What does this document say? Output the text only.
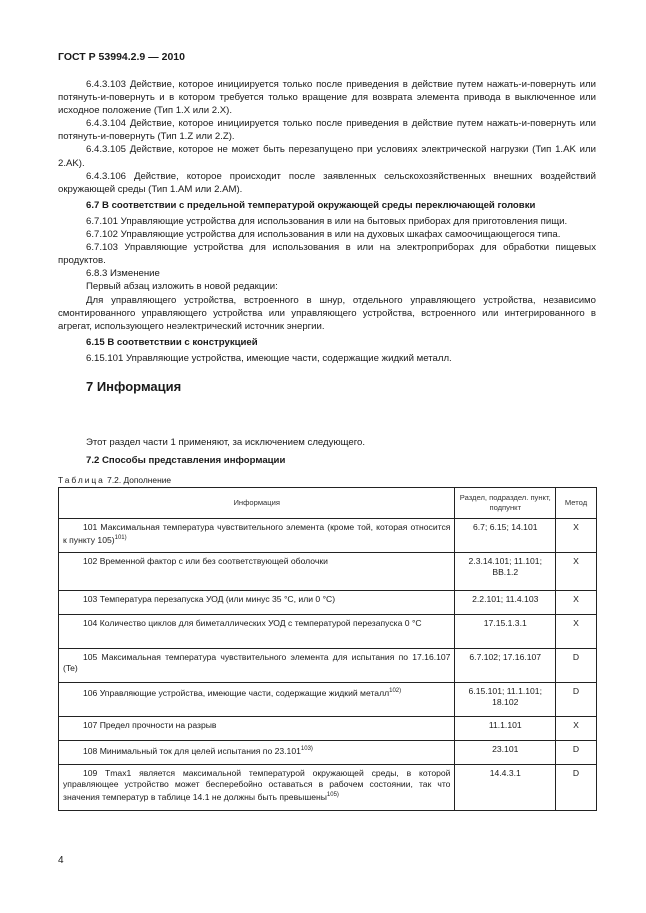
ГОСТ Р 53994.2.9 — 2010

6.4.3.103 Действие, которое инициируется только после приведения в действие путем нажать-и-повернуть или потянуть-и-повернуть и в котором требуется только вращение для возврата элемента привода в выключенное или исходное положение (Тип 1.X или 2.X).

6.4.3.104 Действие, которое инициируется только после приведения в действие путем нажать-и-повернуть или потянуть-и-повернуть (Тип 1.Z или 2.Z).

6.4.3.105 Действие, которое не может быть перезапущено при условиях электрической нагрузки (Тип 1.AK или 2.AK).

6.4.3.106 Действие, которое происходит после заявленных сельскохозяйственных внешних воздействий окружающей среды (Тип 1.AM или 2.AM).

6.7 В соответствии с предельной температурой окружающей среды переключающей головки

6.7.101 Управляющие устройства для использования в или на бытовых приборах для приготовления пищи.

6.7.102 Управляющие устройства для использования в или на духовых шкафах самоочищающегося типа.

6.7.103 Управляющие устройства для использования в или на электроприборах для обработки пищевых продуктов.

6.8.3 Изменение

Первый абзац изложить в новой редакции:

Для управляющего устройства, встроенного в шнур, отдельного управляющего устройства, независимо смонтированного управляющего устройства или управляющего устройства, встроенного или интегрированного в агрегат, использующего неэлектрический источник энергии.

6.15 В соответствии с конструкцией

6.15.101 Управляющие устройства, имеющие части, содержащие жидкий металл.

7 Информация

Этот раздел части 1 применяют, за исключением следующего.

7.2 Способы представления информации

Таблица 7.2. Дополнение
Информация	Раздел, подраздел. пункт, подпункт	Метод
101 Максимальная температура чувствительного элемента (кроме той, которая относится к пункту 105)$^{101)}$	6.7; 6.15; 14.101	X
102 Временной фактор с или без соответствующей оболочки	2.3.14.101; 11.101; BB.1.2	X
103 Температура перезапуска УОД (или минус 35 °С, или 0 °С)	2.2.101; 11.4.103	X
104 Количество циклов для биметаллических УОД с температурой перезапуска 0 °С	17.15.1.3.1	X
105 Максимальная температура чувствительного элемента для испытания по 17.16.107 (Te)	6.7.102; 17.16.107	D
106 Управляющие устройства, имеющие части, содержащие жидкий металл$^{102)}$	6.15.101; 11.1.101; 18.102	D
107 Предел прочности на разрыв	11.1.101	X
108 Минимальный ток для целей испытания по 23.101$^{103)}$	23.101	D
109 Tmax1 является максимальной температурой окружающей среды, в которой управляющее устройство может бесперебойно оставаться в рабочем состоянии, так что значения температур в таблице 14.1 не должны быть превышены$^{105)}$	14.4.3.1	D
4
